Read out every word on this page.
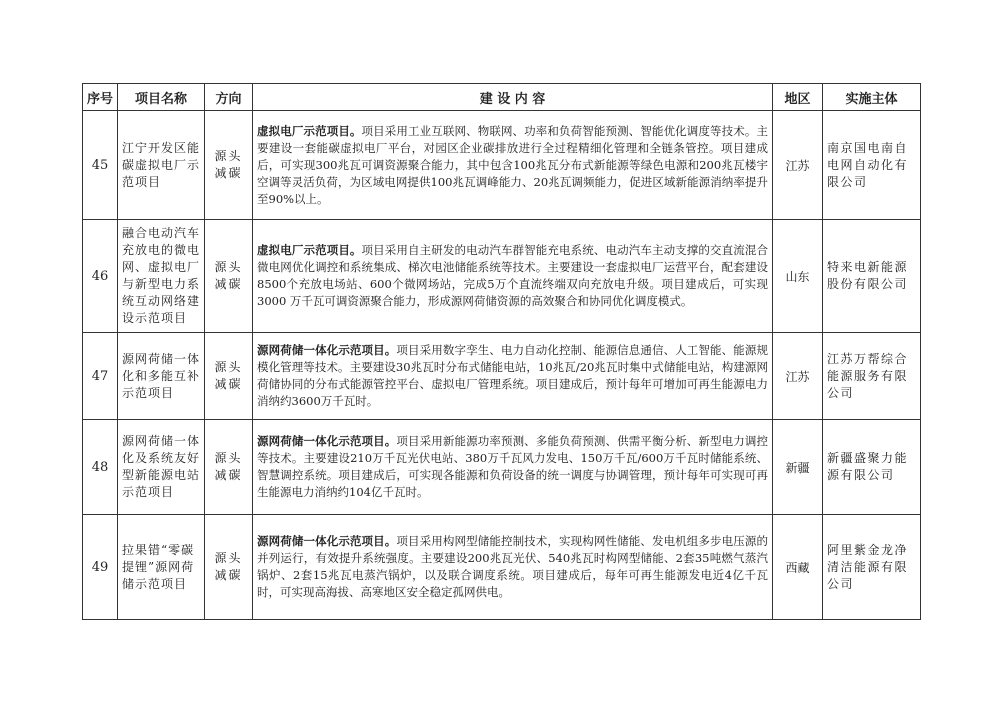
序号	项目名称	方向	建 设 内 容	地区	实施主体
45	江宁开发区能碳虚拟电厂示范项目	源头减碳	虚拟电厂示范项目。项目采用工业互联网、物联网、功率和负荷智能预测、智能优化调度等技术。主要建设一套能碳虚拟电厂平台，对园区企业碳排放进行全过程精细化管理和全链条管控。项目建成后，可实现300兆瓦可调资源聚合能力，其中包含100兆瓦分布式新能源等绿色电源和200兆瓦楼宇空调等灵活负荷，为区域电网提供100兆瓦调峰能力、20兆瓦调频能力，促进区域新能源消纳率提升至90%以上。	江苏	南京国电南自电网自动化有限公司
46	融合电动汽车充放电的微电网、虚拟电厂与新型电力系统互动网络建设示范项目	源头减碳	虚拟电厂示范项目。项目采用自主研发的电动汽车群智能充电系统、电动汽车主动支撑的交直流混合微电网优化调控和系统集成、梯次电池储能系统等技术。主要建设一套虚拟电厂运营平台，配套建设8500个充放电场站、600个微网场站，完成5万个直流终端双向充放电升级。项目建成后，可实现 3000 万千瓦可调资源聚合能力，形成源网荷储资源的高效聚合和协同优化调度模式。	山东	特来电新能源股份有限公司
47	源网荷储一体化和多能互补示范项目	源头减碳	源网荷储一体化示范项目。项目采用数字孪生、电力自动化控制、能源信息通信、人工智能、能源规模化管理等技术。主要建设30兆瓦时分布式储能电站，10兆瓦/20兆瓦时集中式储能电站，构建源网荷储协同的分布式能源管控平台、虚拟电厂管理系统。项目建成后，预计每年可增加可再生能源电力消纳约3600万千瓦时。	江苏	江苏万帮综合能源服务有限公司
48	源网荷储一体化及系统友好型新能源电站示范项目	源头减碳	源网荷储一体化示范项目。项目采用新能源功率预测、多能负荷预测、供需平衡分析、新型电力调控等技术。主要建设210万千瓦光伏电站、380万千瓦风力发电、150万千瓦/600万千瓦时储能系统、智慧调控系统。项目建成后，可实现各能源和负荷设备的统一调度与协调管理，预计每年可实现可再生能源电力消纳约104亿千瓦时。	新疆	新疆盛聚力能源有限公司
49	拉果错“零碳提锂”源网荷储示范项目	源头减碳	源网荷储一体化示范项目。项目采用构网型储能控制技术，实现构网性储能、发电机组多步电压源的并列运行，有效提升系统强度。主要建设200兆瓦光伏、540兆瓦时构网型储能、2套35吨燃气蒸汽锅炉、2套15兆瓦电蒸汽锅炉，以及联合调度系统。项目建成后，每年可再生能源发电近4亿千瓦时，可实现高海拔、高寒地区安全稳定孤网供电。	西藏	阿里紫金龙净清洁能源有限公司
